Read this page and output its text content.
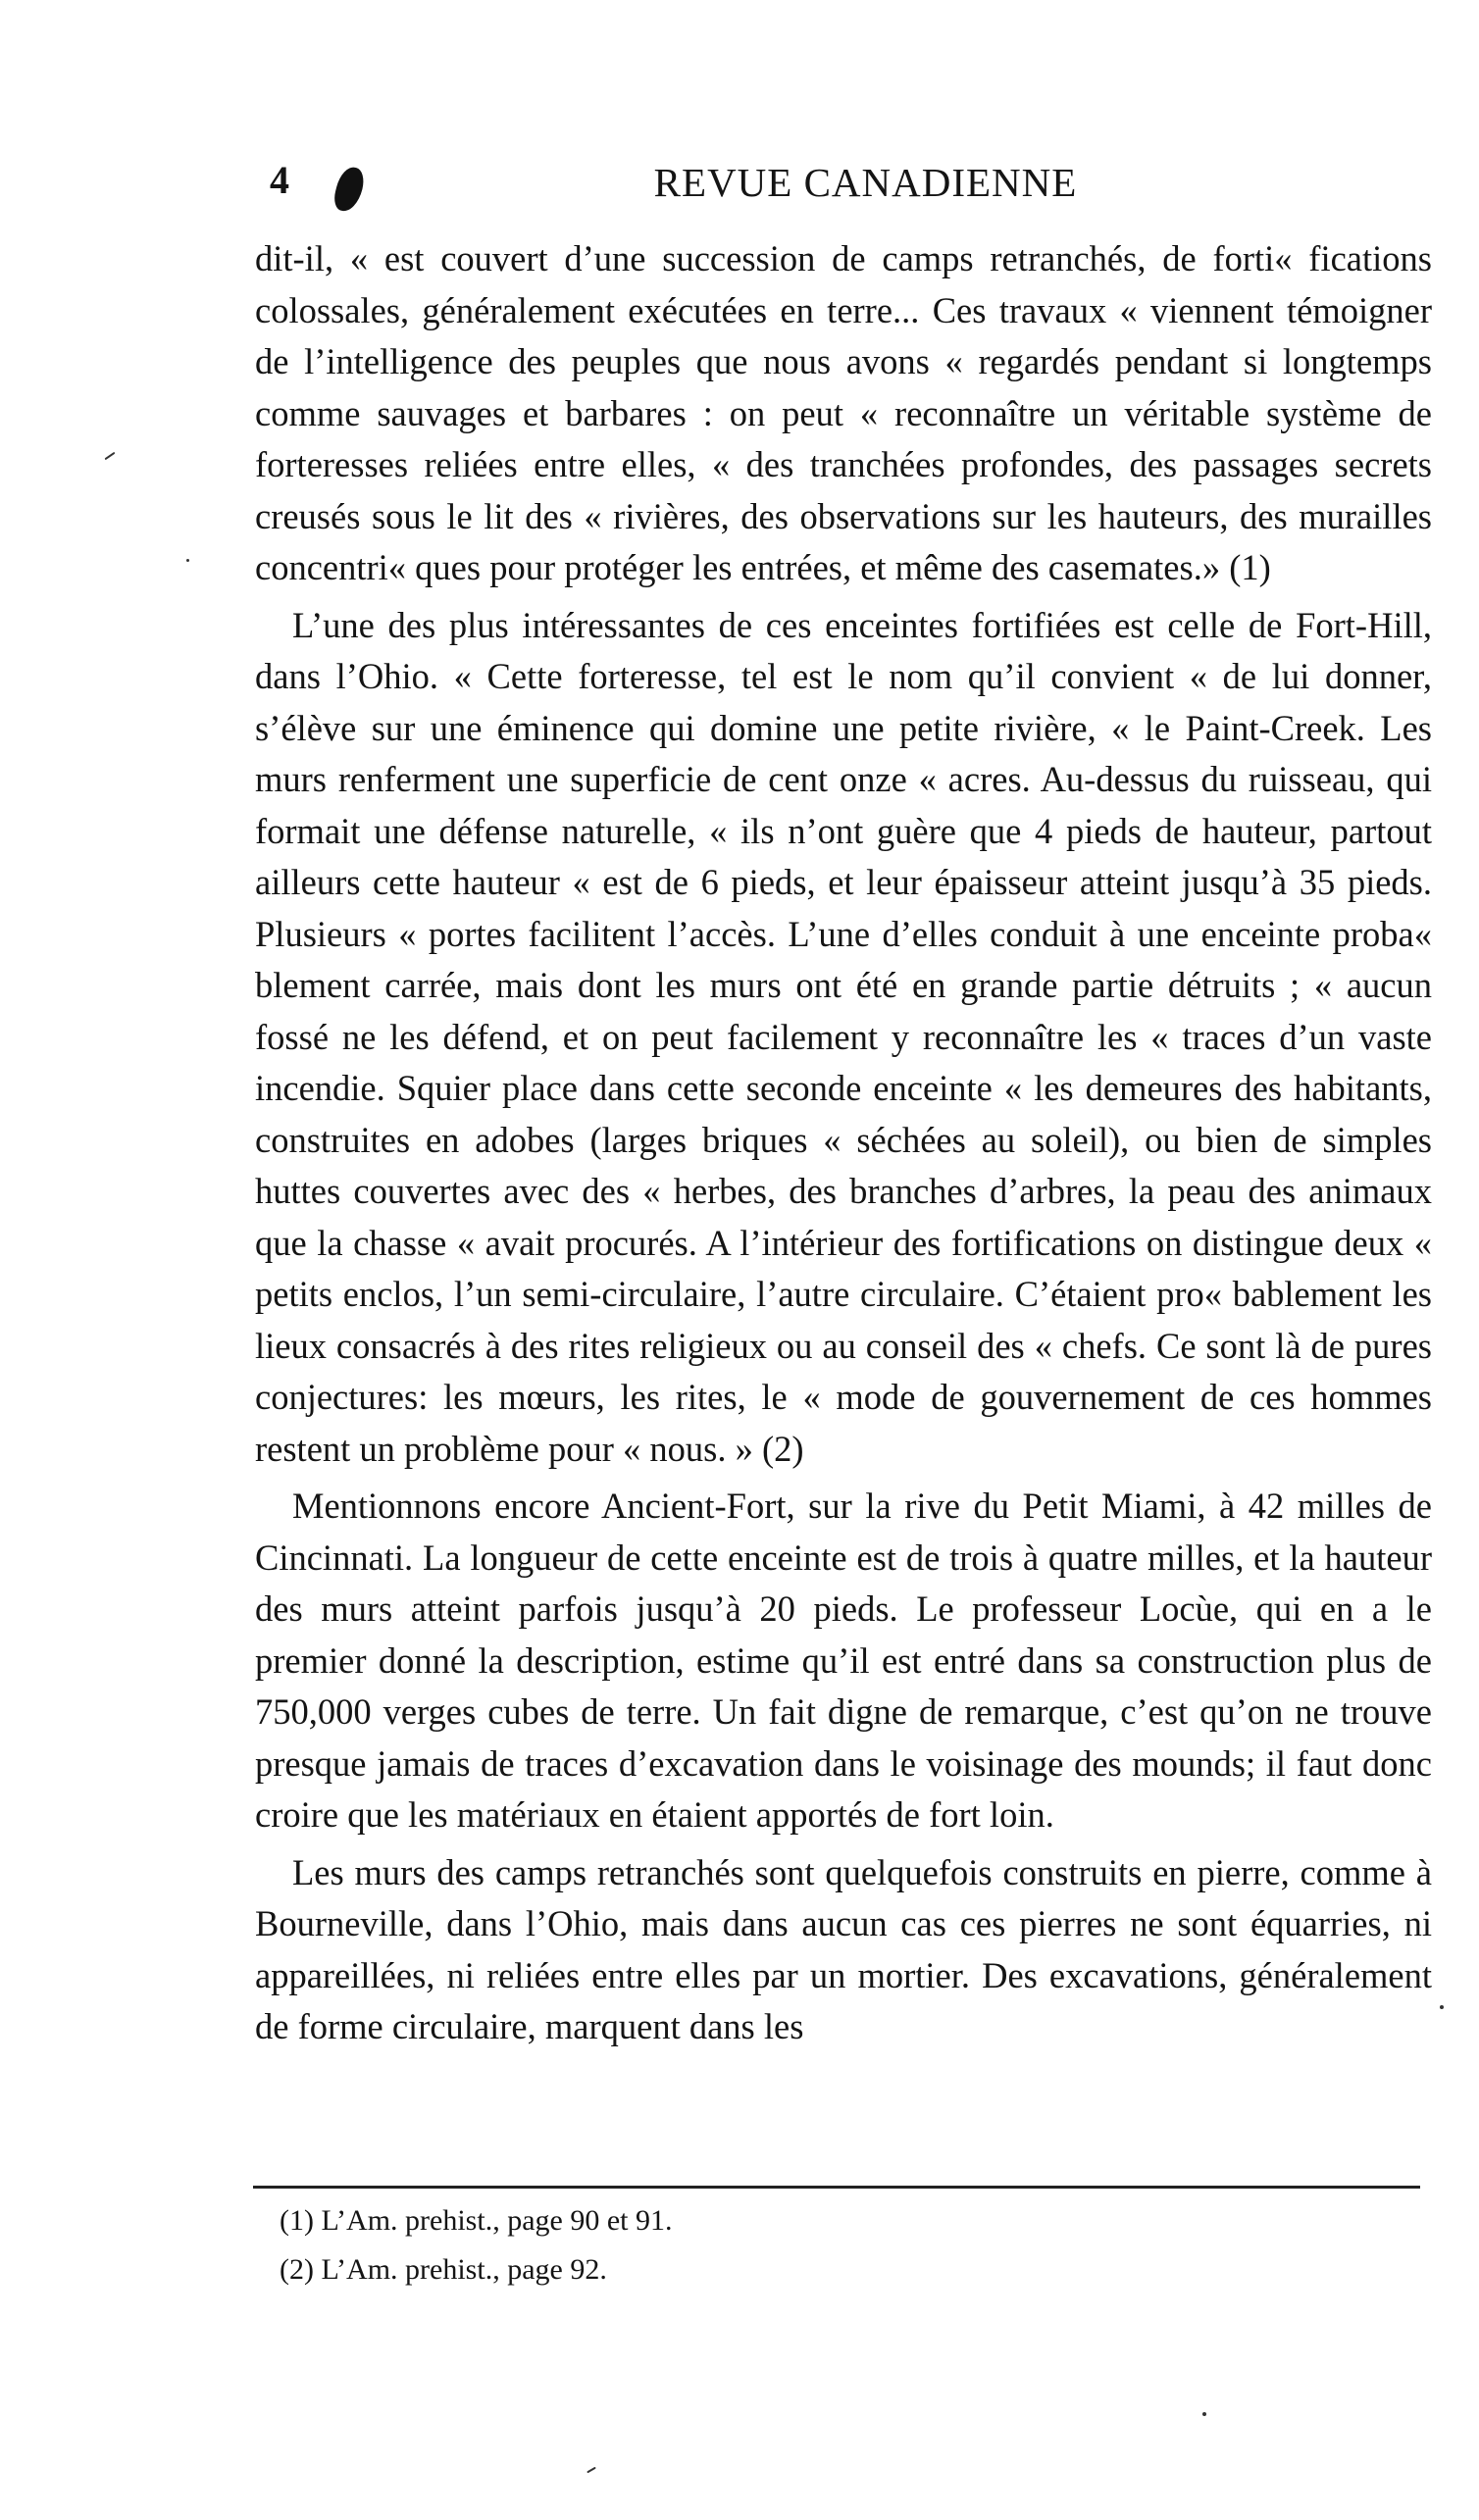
4	REVUE CANADIENNE

dit-il, « est couvert d’une succession de camps retranchés, de forti« fications colossales, généralement exécutées en terre... Ces travaux « viennent témoigner de l’intelligence des peuples que nous avons « regardés pendant si longtemps comme sauvages et barbares : on peut « reconnaître un véritable système de forteresses reliées entre elles, « des tranchées profondes, des passages secrets creusés sous le lit des « rivières, des observations sur les hauteurs, des murailles concentri« ques pour protéger les entrées, et même des casemates.» (1)

L’une des plus intéressantes de ces enceintes fortifiées est celle de Fort-Hill, dans l’Ohio. « Cette forteresse, tel est le nom qu’il convient « de lui donner, s’élève sur une éminence qui domine une petite rivière, « le Paint-Creek. Les murs renferment une superficie de cent onze « acres. Au-dessus du ruisseau, qui formait une défense naturelle, « ils n’ont guère que 4 pieds de hauteur, partout ailleurs cette hauteur « est de 6 pieds, et leur épaisseur atteint jusqu’à 35 pieds. Plusieurs « portes facilitent l’accès. L’une d’elles conduit à une enceinte proba« blement carrée, mais dont les murs ont été en grande partie détruits ; « aucun fossé ne les défend, et on peut facilement y reconnaître les « traces d’un vaste incendie. Squier place dans cette seconde enceinte « les demeures des habitants, construites en adobes (larges briques « séchées au soleil), ou bien de simples huttes couvertes avec des « herbes, des branches d’arbres, la peau des animaux que la chasse « avait procurés. A l’intérieur des fortifications on distingue deux « petits enclos, l’un semi-circulaire, l’autre circulaire. C’étaient pro« bablement les lieux consacrés à des rites religieux ou au conseil des « chefs. Ce sont là de pures conjectures: les mœurs, les rites, le « mode de gouvernement de ces hommes restent un problème pour « nous. » (2)

Mentionnons encore Ancient-Fort, sur la rive du Petit Miami, à 42 milles de Cincinnati. La longueur de cette enceinte est de trois à quatre milles, et la hauteur des murs atteint parfois jusqu’à 20 pieds. Le professeur Locùe, qui en a le premier donné la description, estime qu’il est entré dans sa construction plus de 750,000 verges cubes de terre. Un fait digne de remarque, c’est qu’on ne trouve presque jamais de traces d’excavation dans le voisinage des mounds; il faut donc croire que les matériaux en étaient apportés de fort loin.

Les murs des camps retranchés sont quelquefois construits en pierre, comme à Bourneville, dans l’Ohio, mais dans aucun cas ces pierres ne sont équarries, ni appareillées, ni reliées entre elles par un mortier. Des excavations, généralement de forme circulaire, marquent dans les

(1) L’Am. prehist., page 90 et 91.
(2) L’Am. prehist., page 92.
